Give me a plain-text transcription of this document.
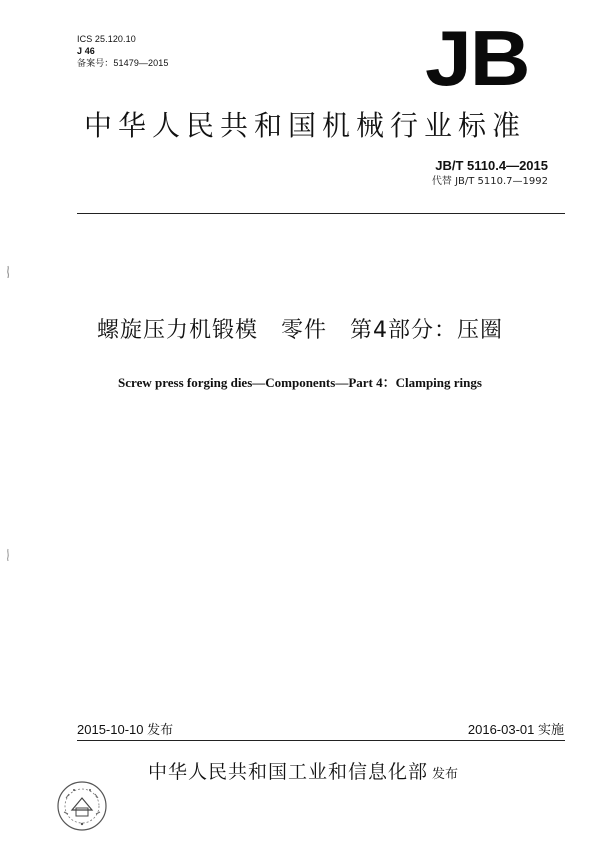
ICS 25.120.10
J 46
备案号：51479—2015	JB
中华人民共和国机械行业标准
JB/T 5110.4—2015
代替 JB/T 5110.7—1992
螺旋压力机锻模　零件　第4部分：压圈
Screw press forging dies—Components—Part 4：Clamping rings
2015-10-10 发布	2016-03-01 实施
中华人民共和国工业和信息化部 发布
